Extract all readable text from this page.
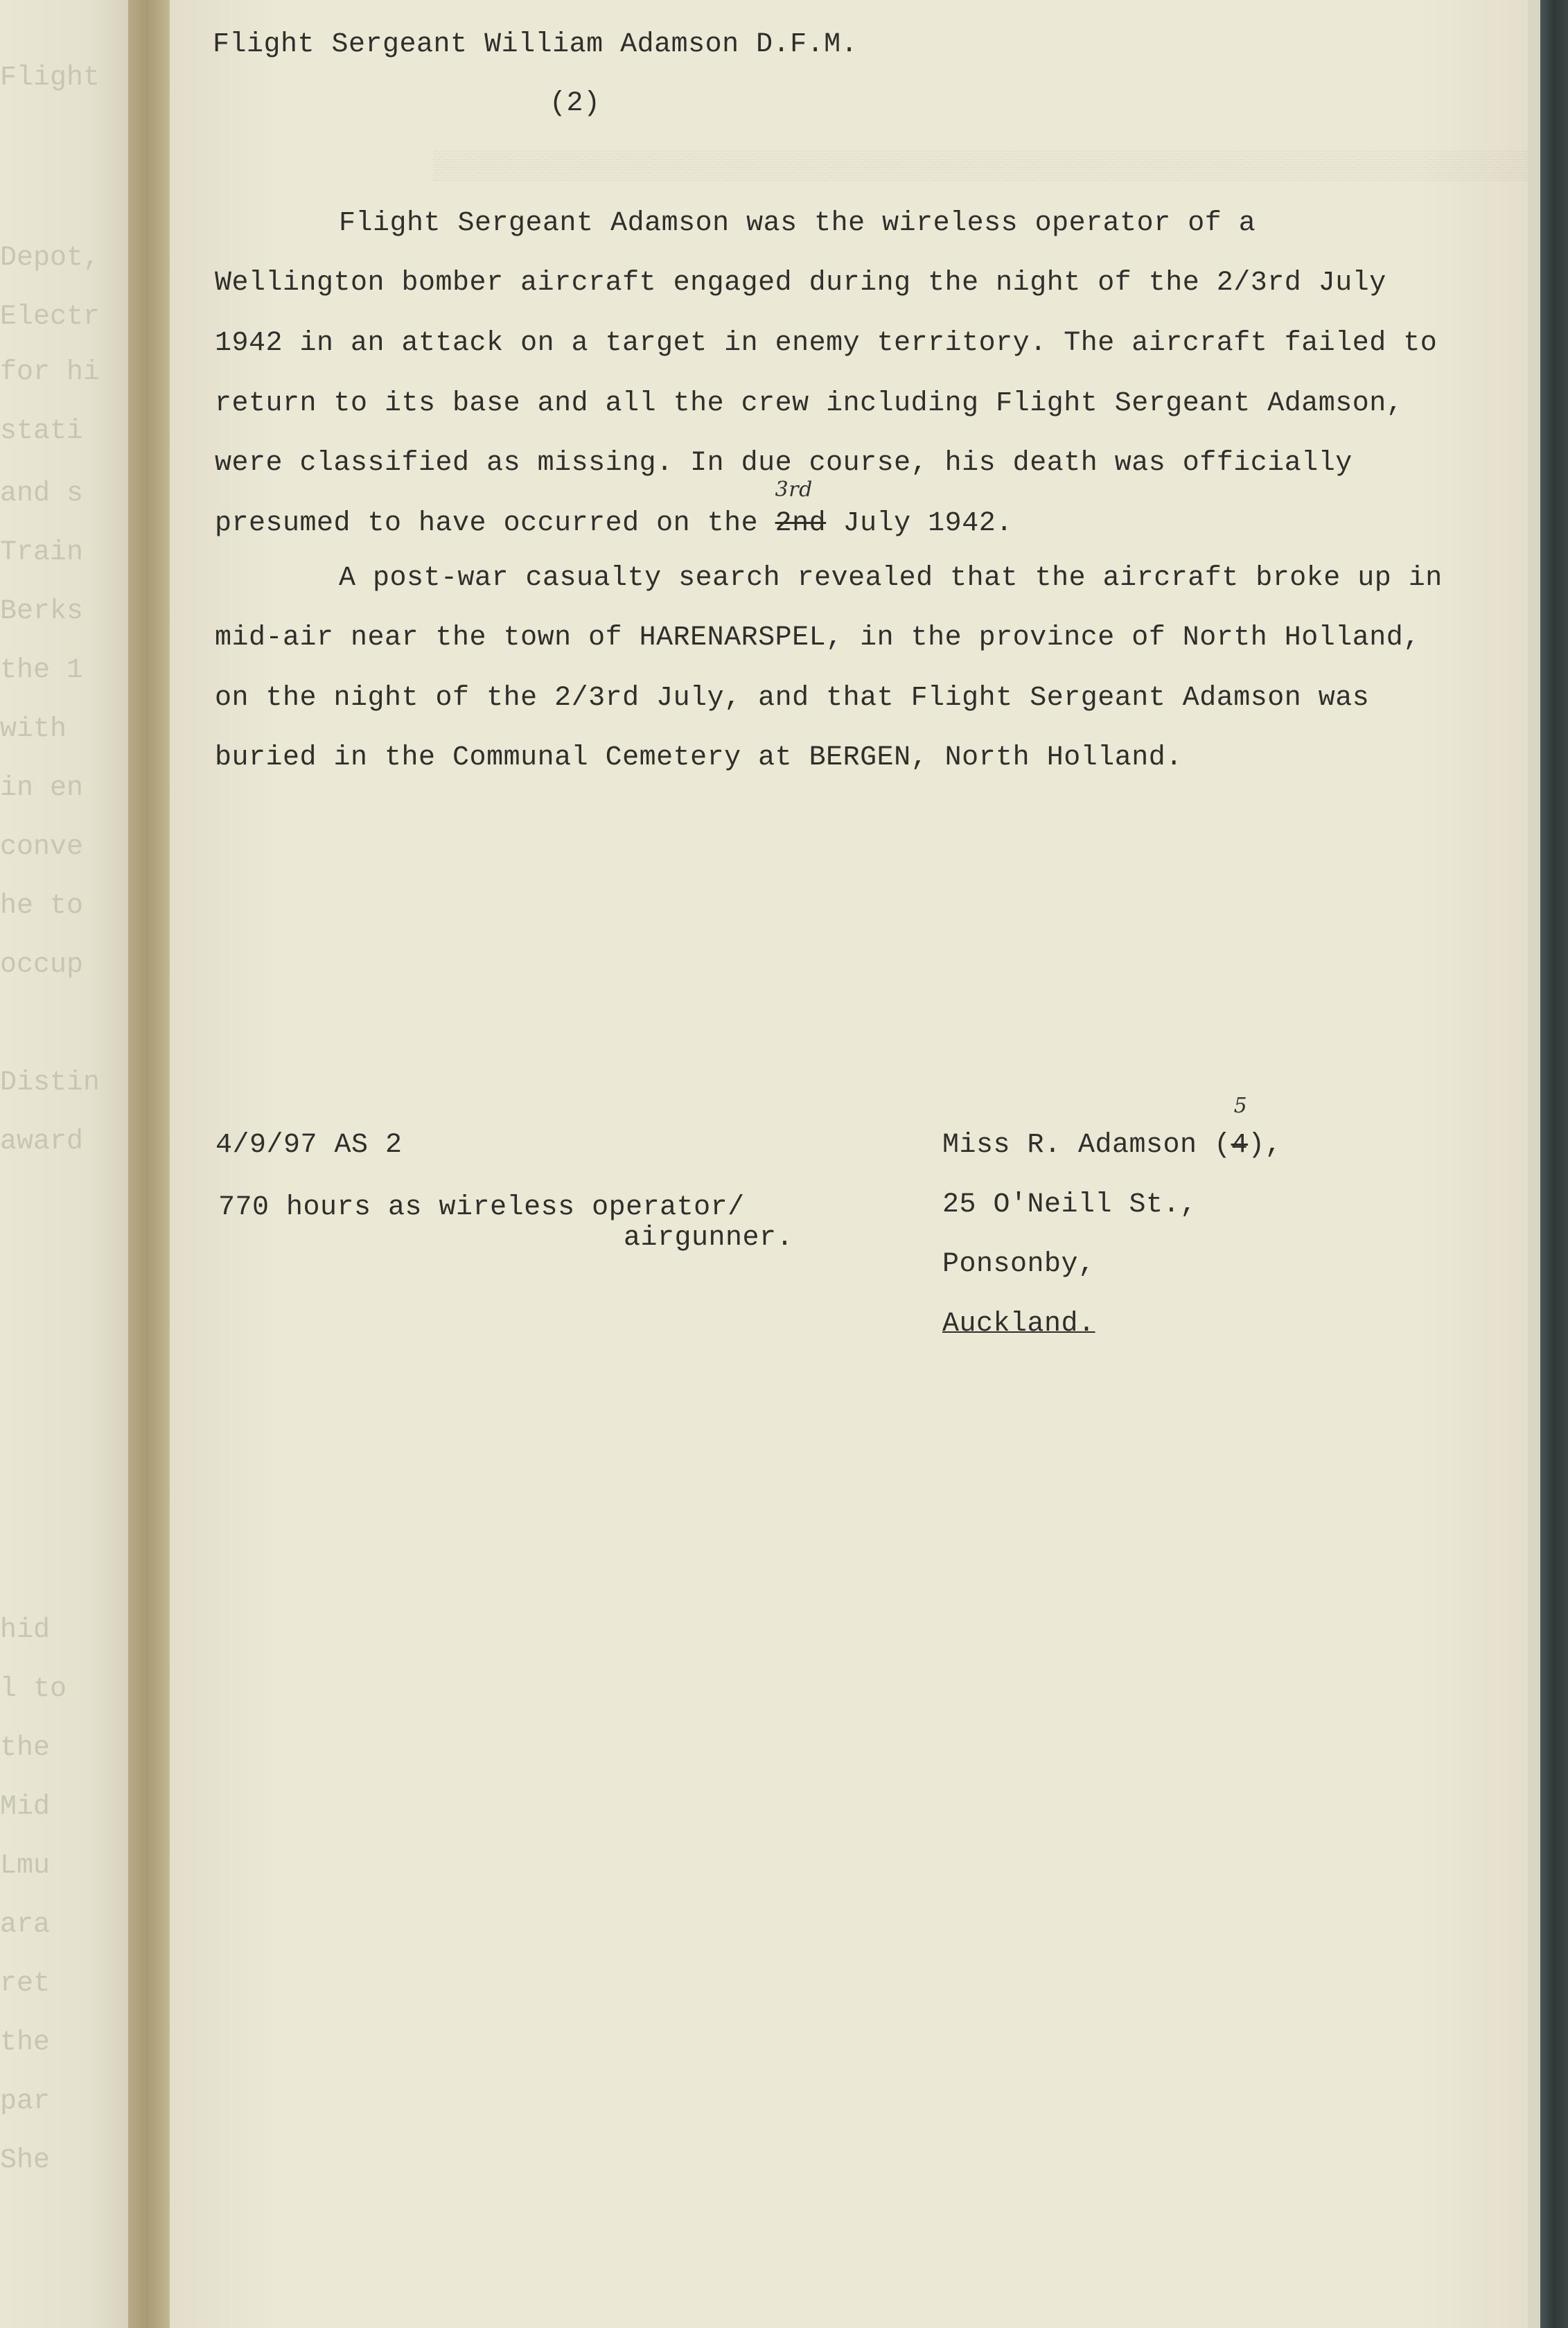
Flight
Depot,
Electr
for hi
stati
and s
Train
Berks
the 1
with
in en
conve
he to
occup
Distin
award
hid
l to
the
Mid
Lmu
ara
ret
the
par
She
▒▒▒▒▒▒▒▒▒▒▒▒▒▒▒▒▒▒▒▒▒▒▒▒▒▒▒▒▒▒▒▒▒▒▒▒▒▒▒▒▒▒▒▒▒▒▒▒▒▒▒▒▒▒▒▒▒▒▒▒▒▒▒▒▒▒▒▒
Flight Sergeant William Adamson D.F.M.
(2)
Flight Sergeant Adamson was the wireless operator of a
Wellington bomber aircraft engaged during the night of the 2/3rd July
1942 in an attack on a target in enemy territory. The aircraft failed to
return to its base and all the crew including Flight Sergeant Adamson,
were classified as missing. In due course, his death was officially
presumed to have occurred on the 2nd
3rd
July 1942.
A post-war casualty search revealed that the aircraft broke up in
mid-air near the town of HARENARSPEL, in the province of North Holland,
on the night of the 2/3rd July, and that Flight Sergeant Adamson was
buried in the Communal Cemetery at BERGEN, North Holland.
4/9/97 AS 2
770 hours as wireless operator/
airgunner.
Miss R. Adamson (4
5
),
25 O'Neill St.,
Ponsonby,
Auckland.
